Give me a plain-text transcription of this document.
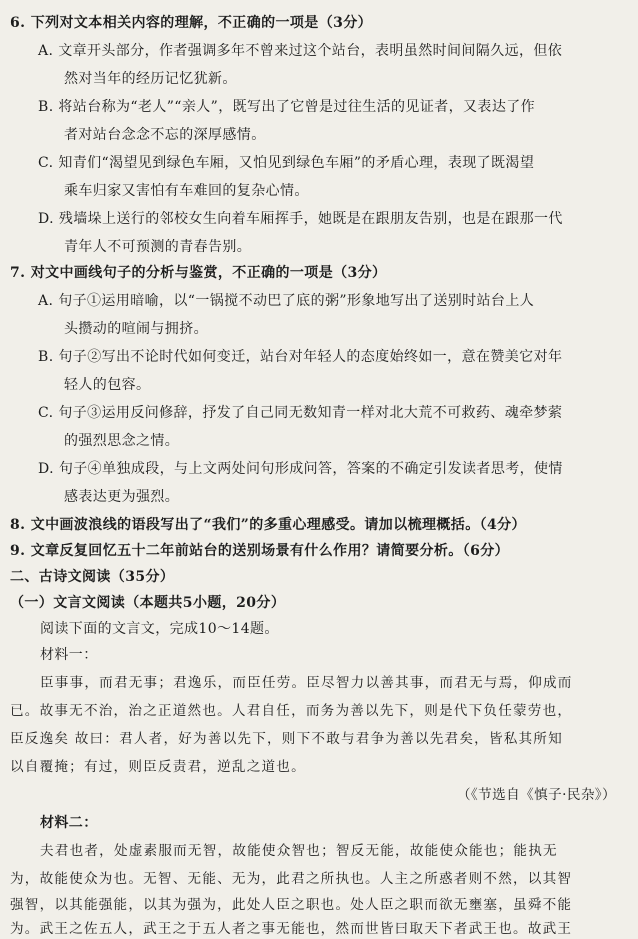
6. 下列对文本相关内容的理解，不正确的一项是（3分）
A. 文章开头部分，作者强调多年不曾来过这个站台，表明虽然时间间隔久远，但依
然对当年的经历记忆犹新。
B. 将站台称为“老人”“亲人”，既写出了它曾是过往生活的见证者，又表达了作
者对站台念念不忘的深厚感情。
C. 知青们“渴望见到绿色车厢，又怕见到绿色车厢”的矛盾心理，表现了既渴望
乘车归家又害怕有车难回的复杂心情。
D. 残墙垛上送行的邻校女生向着车厢挥手，她既是在跟朋友告别，也是在跟那一代
青年人不可预测的青春告别。
7. 对文中画线句子的分析与鉴赏，不正确的一项是（3分）
A. 句子①运用暗喻，以“一锅搅不动巴了底的粥”形象地写出了送别时站台上人
头攒动的喧闹与拥挤。
B. 句子②写出不论时代如何变迁，站台对年轻人的态度始终如一，意在赞美它对年
轻人的包容。
C. 句子③运用反问修辞，抒发了自己同无数知青一样对北大荒不可救药、魂牵梦萦
的强烈思念之情。
D. 句子④单独成段，与上文两处问句形成问答，答案的不确定引发读者思考，使情
感表达更为强烈。
8. 文中画波浪线的语段写出了“我们”的多重心理感受。请加以梳理概括。（4分）
9. 文章反复回忆五十二年前站台的送别场景有什么作用？请简要分析。（6分）
二、古诗文阅读（35分）
（一）文言文阅读（本题共5小题，20分）
阅读下面的文言文，完成10～14题。
材料一：
臣事事，而君无事；君逸乐，而臣任劳。臣尽智力以善其事，而君无与焉，仰成而
已。故事无不治，治之正道然也。人君自任，而务为善以先下，则是代下负任蒙劳也，
臣反逸矣 故曰：君人者，好为善以先下，则下不敢与君争为善以先君矣，皆私其所知
以自覆掩；有过，则臣反责君，逆乱之道也。
（《节选自《慎子·民杂》）
材料二：
夫君也者，处虚素服而无智，故能使众智也；智反无能，故能使众能也；能执无
为，故能使众为也。无智、无能、无为，此君之所执也。人主之所惑者则不然，以其智
强智，以其能强能，以其为强为，此处人臣之职也。处人臣之职而欲无壅塞，虽舜不能
为。武王之佐五人，武王之于五人者之事无能也，然而世皆曰取天下者武王也。故武王
